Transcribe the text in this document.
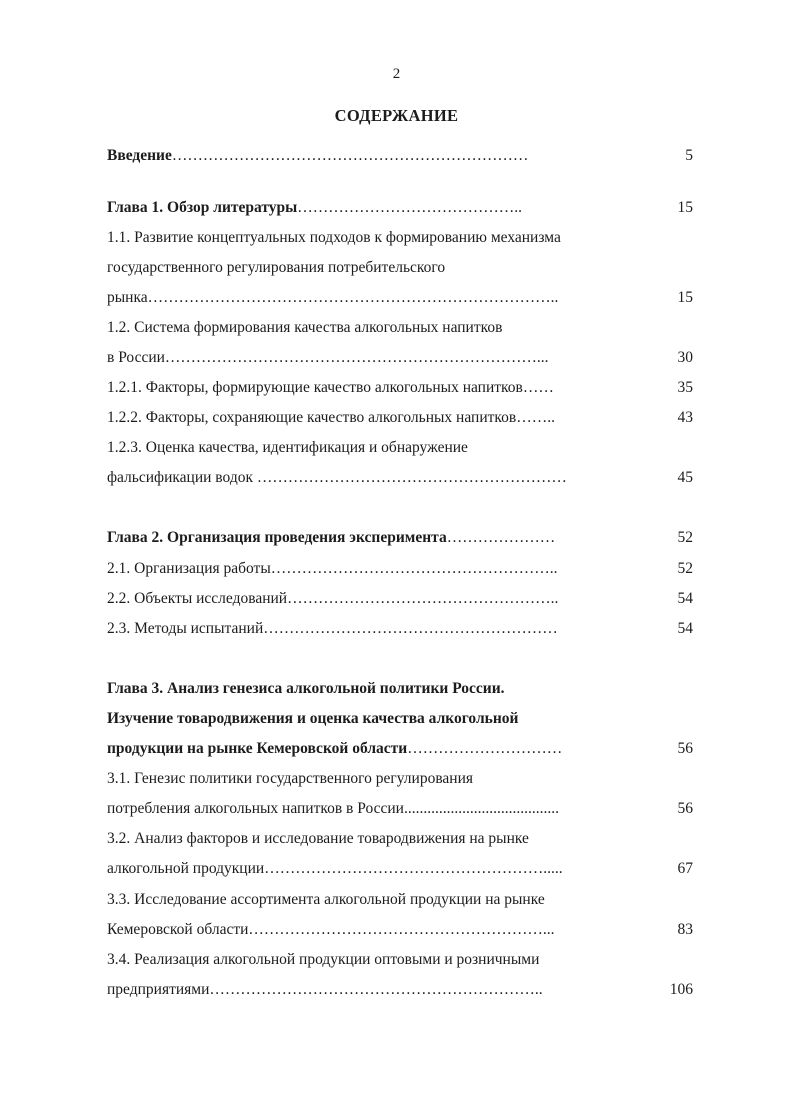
2
СОДЕРЖАНИЕ
Введение……………………………………………………………	5
Глава 1. Обзор литературы……………………………………..	15
1.1. Развитие концептуальных подходов к формированию механизма
государственного регулирования потребительского
рынка……………………………………………………………………..	15
1.2. Система формирования качества алкогольных напитков
в России………………………………………………………………...	30
1.2.1. Факторы, формирующие качество алкогольных напитков……	35
1.2.2. Факторы, сохраняющие качество алкогольных напитков……..	43
1.2.3. Оценка качества, идентификация и обнаружение
фальсификации водок ……………………………………………………	45
Глава 2. Организация проведения эксперимента…………………	52
2.1. Организация работы………………………………………………..	52
2.2. Объекты исследований……………………………………………..	54
2.3. Методы испытаний…………………………………………………	54
Глава 3. Анализ генезиса алкогольной политики России.
Изучение товародвижения и оценка качества алкогольной
продукции на рынке Кемеровской области…………………………	56
3.1. Генезис политики государственного регулирования
потребления алкогольных напитков в России........................................	56
3.2. Анализ факторов и исследование товародвижения на рынке
алкогольной продукции……………………………………………….....	67
3.3. Исследование ассортимента алкогольной продукции на рынке
Кемеровской области…………………………………………………...	83
3.4. Реализация алкогольной продукции оптовыми и розничными
предприятиями………………………………………………………..	106
